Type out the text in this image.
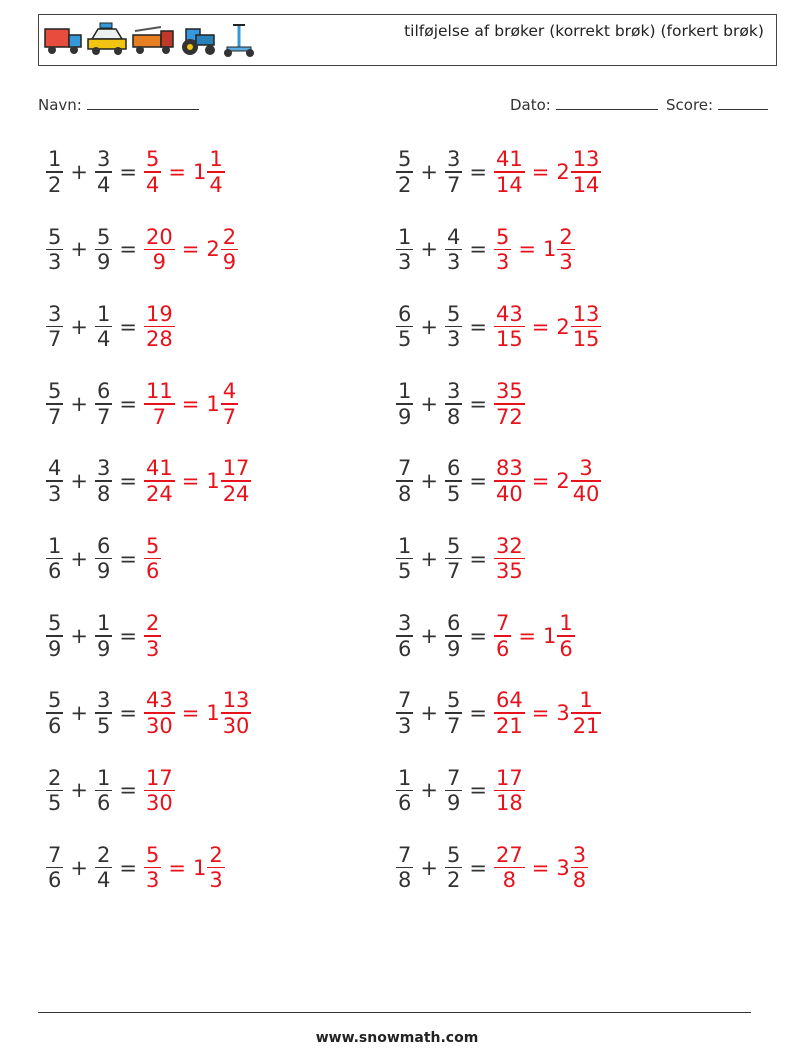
tilføjelse af brøker (korrekt brøk) (forkert brøk)
Navn:	Dato:	Score:
$\frac{1}{2} + \frac{3}{4} = \frac{5}{4} = 1 \frac{1}{4}$	$\frac{5}{2} + \frac{3}{7} = \frac{41}{14} = 2 \frac{13}{14}$
$\frac{5}{3} + \frac{5}{9} = \frac{20}{9} = 2 \frac{2}{9}$	$\frac{1}{3} + \frac{4}{3} = \frac{5}{3} = 1 \frac{2}{3}$
$\frac{3}{7} + \frac{1}{4} = \frac{19}{28}$	$\frac{6}{5} + \frac{5}{3} = \frac{43}{15} = 2 \frac{13}{15}$
$\frac{5}{7} + \frac{6}{7} = \frac{11}{7} = 1 \frac{4}{7}$	$\frac{1}{9} + \frac{3}{8} = \frac{35}{72}$
$\frac{4}{3} + \frac{3}{8} = \frac{41}{24} = 1 \frac{17}{24}$	$\frac{7}{8} + \frac{6}{5} = \frac{83}{40} = 2 \frac{3}{40}$
$\frac{1}{6} + \frac{6}{9} = \frac{5}{6}$	$\frac{1}{5} + \frac{5}{7} = \frac{32}{35}$
$\frac{5}{9} + \frac{1}{9} = \frac{2}{3}$	$\frac{3}{6} + \frac{6}{9} = \frac{7}{6} = 1 \frac{1}{6}$
$\frac{5}{6} + \frac{3}{5} = \frac{43}{30} = 1 \frac{13}{30}$	$\frac{7}{3} + \frac{5}{7} = \frac{64}{21} = 3 \frac{1}{21}$
$\frac{2}{5} + \frac{1}{6} = \frac{17}{30}$	$\frac{1}{6} + \frac{7}{9} = \frac{17}{18}$
$\frac{7}{6} + \frac{2}{4} = \frac{5}{3} = 1 \frac{2}{3}$	$\frac{7}{8} + \frac{5}{2} = \frac{27}{8} = 3 \frac{3}{8}$
www.snowmath.com
